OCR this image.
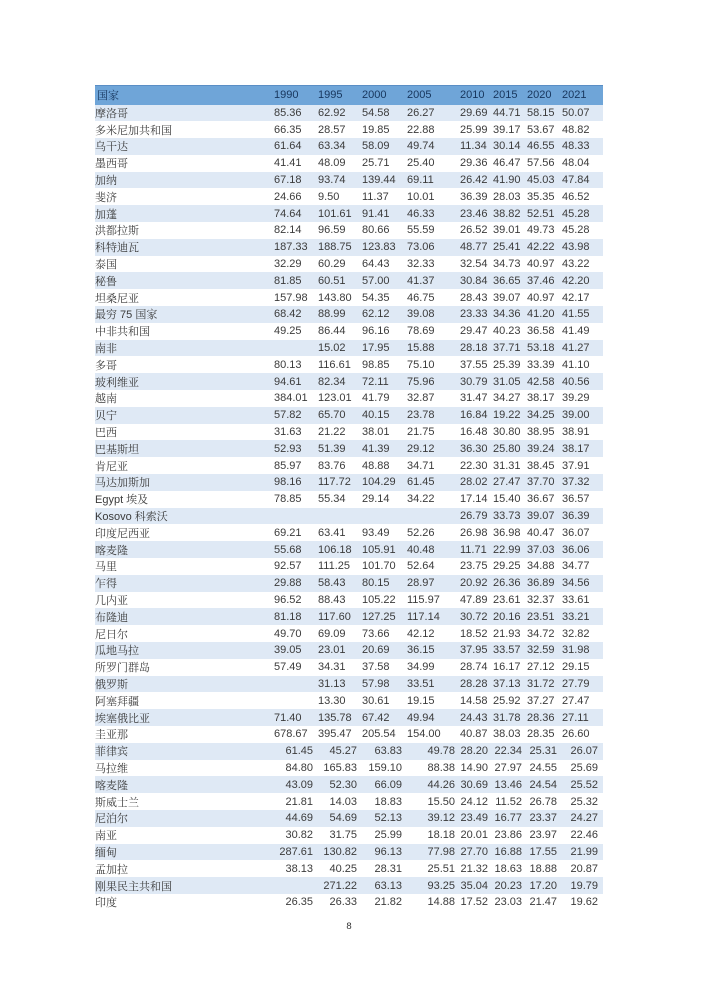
国家	1990	1995	2000	2005	2010	2015	2020	2021
摩洛哥	85.36	62.92	54.58	26.27	29.69	44.71	58.15	50.07
多米尼加共和国	66.35	28.57	19.85	22.88	25.99	39.17	53.67	48.82
乌干达	61.64	63.34	58.09	49.74	11.34	30.14	46.55	48.33
墨西哥	41.41	48.09	25.71	25.40	29.36	46.47	57.56	48.04
加纳	67.18	93.74	139.44	69.11	26.42	41.90	45.03	47.84
斐济	24.66	9.50	11.37	10.01	36.39	28.03	35.35	46.52
加蓬	74.64	101.61	91.41	46.33	23.46	38.82	52.51	45.28
洪都拉斯	82.14	96.59	80.66	55.59	26.52	39.01	49.73	45.28
科特迪瓦	187.33	188.75	123.83	73.06	48.77	25.41	42.22	43.98
泰国	32.29	60.29	64.43	32.33	32.54	34.73	40.97	43.22
秘鲁	81.85	60.51	57.00	41.37	30.84	36.65	37.46	42.20
坦桑尼亚	157.98	143.80	54.35	46.75	28.43	39.07	40.97	42.17
最穷 75 国家	68.42	88.99	62.12	39.08	23.33	34.36	41.20	41.55
中非共和国	49.25	86.44	96.16	78.69	29.47	40.23	36.58	41.49
南非		15.02	17.95	15.88	28.18	37.71	53.18	41.27
多哥	80.13	116.61	98.85	75.10	37.55	25.39	33.39	41.10
玻利维亚	94.61	82.34	72.11	75.96	30.79	31.05	42.58	40.56
越南	384.01	123.01	41.79	32.87	31.47	34.27	38.17	39.29
贝宁	57.82	65.70	40.15	23.78	16.84	19.22	34.25	39.00
巴西	31.63	21.22	38.01	21.75	16.48	30.80	38.95	38.91
巴基斯坦	52.93	51.39	41.39	29.12	36.30	25.80	39.24	38.17
肯尼亚	85.97	83.76	48.88	34.71	22.30	31.31	38.45	37.91
马达加斯加	98.16	117.72	104.29	61.45	28.02	27.47	37.70	37.32
Egypt 埃及	78.85	55.34	29.14	34.22	17.14	15.40	36.67	36.57
Kosovo 科索沃					26.79	33.73	39.07	36.39
印度尼西亚	69.21	63.41	93.49	52.26	26.98	36.98	40.47	36.07
喀麦隆	55.68	106.18	105.91	40.48	11.71	22.99	37.03	36.06
马里	92.57	111.25	101.70	52.64	23.75	29.25	34.88	34.77
乍得	29.88	58.43	80.15	28.97	20.92	26.36	36.89	34.56
几内亚	96.52	88.43	105.22	115.97	47.89	23.61	32.37	33.61
布隆迪	81.18	117.60	127.25	117.14	30.72	20.16	23.51	33.21
尼日尔	49.70	69.09	73.66	42.12	18.52	21.93	34.72	32.82
瓜地马拉	39.05	23.01	20.69	36.15	37.95	33.57	32.59	31.98
所罗门群岛	57.49	34.31	37.58	34.99	28.74	16.17	27.12	29.15
俄罗斯		31.13	57.98	33.51	28.28	37.13	31.72	27.79
阿塞拜疆		13.30	30.61	19.15	14.58	25.92	37.27	27.47
埃塞俄比亚	71.40	135.78	67.42	49.94	24.43	31.78	28.36	27.11
圭亚那	678.67	395.47	205.54	154.00	40.87	38.03	28.35	26.60
菲律宾	61.45	45.27	63.83	49.78	28.20	22.34	25.31	26.07
马拉维	84.80	165.83	159.10	88.38	14.90	27.97	24.55	25.69
喀麦隆	43.09	52.30	66.09	44.26	30.69	13.46	24.54	25.52
斯威士兰	21.81	14.03	18.83	15.50	24.12	11.52	26.78	25.32
尼泊尔	44.69	54.69	52.13	39.12	23.49	16.77	23.37	24.27
南亚	30.82	31.75	25.99	18.18	20.01	23.86	23.97	22.46
缅甸	287.61	130.82	96.13	77.98	27.70	16.88	17.55	21.99
孟加拉	38.13	40.25	28.31	25.51	21.32	18.63	18.88	20.87
刚果民主共和国		271.22	63.13	93.25	35.04	20.23	17.20	19.79
印度	26.35	26.33	21.82	14.88	17.52	23.03	21.47	19.62
8
